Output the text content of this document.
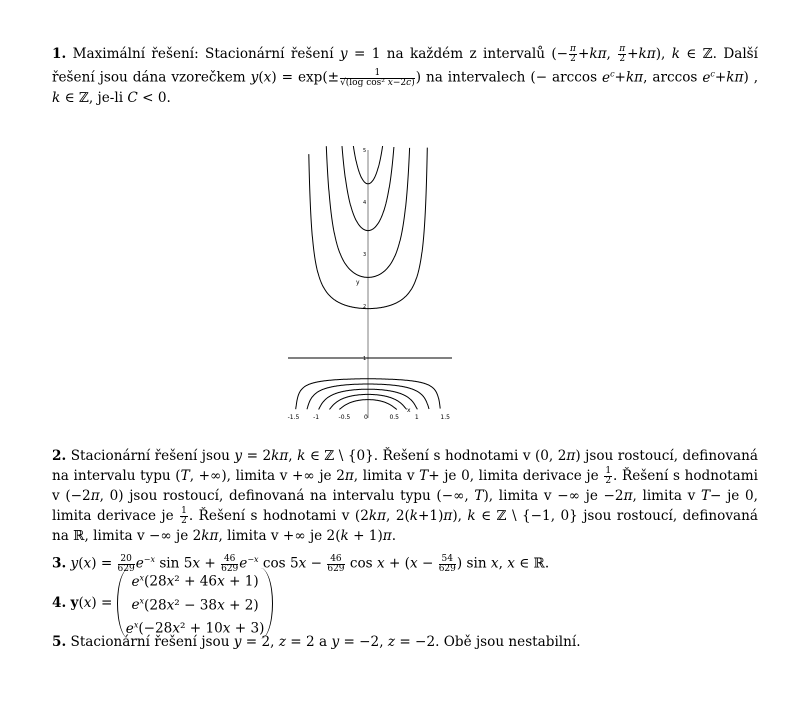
1. Maximální řešení: Stacionární řešení y = 1 na každém z intervalů (− $\frac{\pi}{2} +k\pi$, $\frac{\pi}{2} +k\pi$), k ∈ ℤ. Další řešení jsou dána vzorečkem $y(x) = \exp(\pm \frac{1}{\text{√(log cos² x−2c)}}$ ) na intervalech (− $\arccos e^c+k\pi$, $\arccos e^c+k\pi$) , k ∈ ℤ, je-li C < 0.
1
2
3
4
5
-1.5 -1	-0.5 0	0.5	1	1.5
y
x
2. Stacionární řešení jsou y = 2kπ, k ∈ ℤ \ {0}. Řešení s hodnotami v (0, 2π) jsou rostoucí, definovaná na intervalu typu (T, +∞), limita v +∞ je 2π, limita v T+ je 0, limita derivace je $\frac{1}{2}$ . Řešení s hodnotami v (−2π, 0) jsou rostoucí, definovaná na intervalu typu (−∞, T), limita v −∞ je −2π, limita v T− je 0, limita derivace je $\frac{1}{2}$ . Řešení s hodnotami v (2kπ, 2(k+1)π), k ∈ ℤ \ {−1, 0} jsou rostoucí, definovaná na ℝ, limita v −∞ je 2kπ, limita v +∞ je 2(k + 1)π.
3. $y(x) = \frac{20}{629} e^{-x}$ $\sin 5x + \frac{46}{629} e^{-x}$ $\cos 5x - \frac{46}{629}$ $\cos x + (x - \frac{54}{629}$ ) sin x, x ∈ ℝ.
4. y(x) =
$e^x(28x^2 + 46x + 1)$
$e^x(28x^2 - 38x + 2)$
$e^x(-28x^2 + 10x + 3)$
5. Stacionární řešení jsou y = 2, z = 2 a y = −2, z = −2. Obě jsou nestabilní.
